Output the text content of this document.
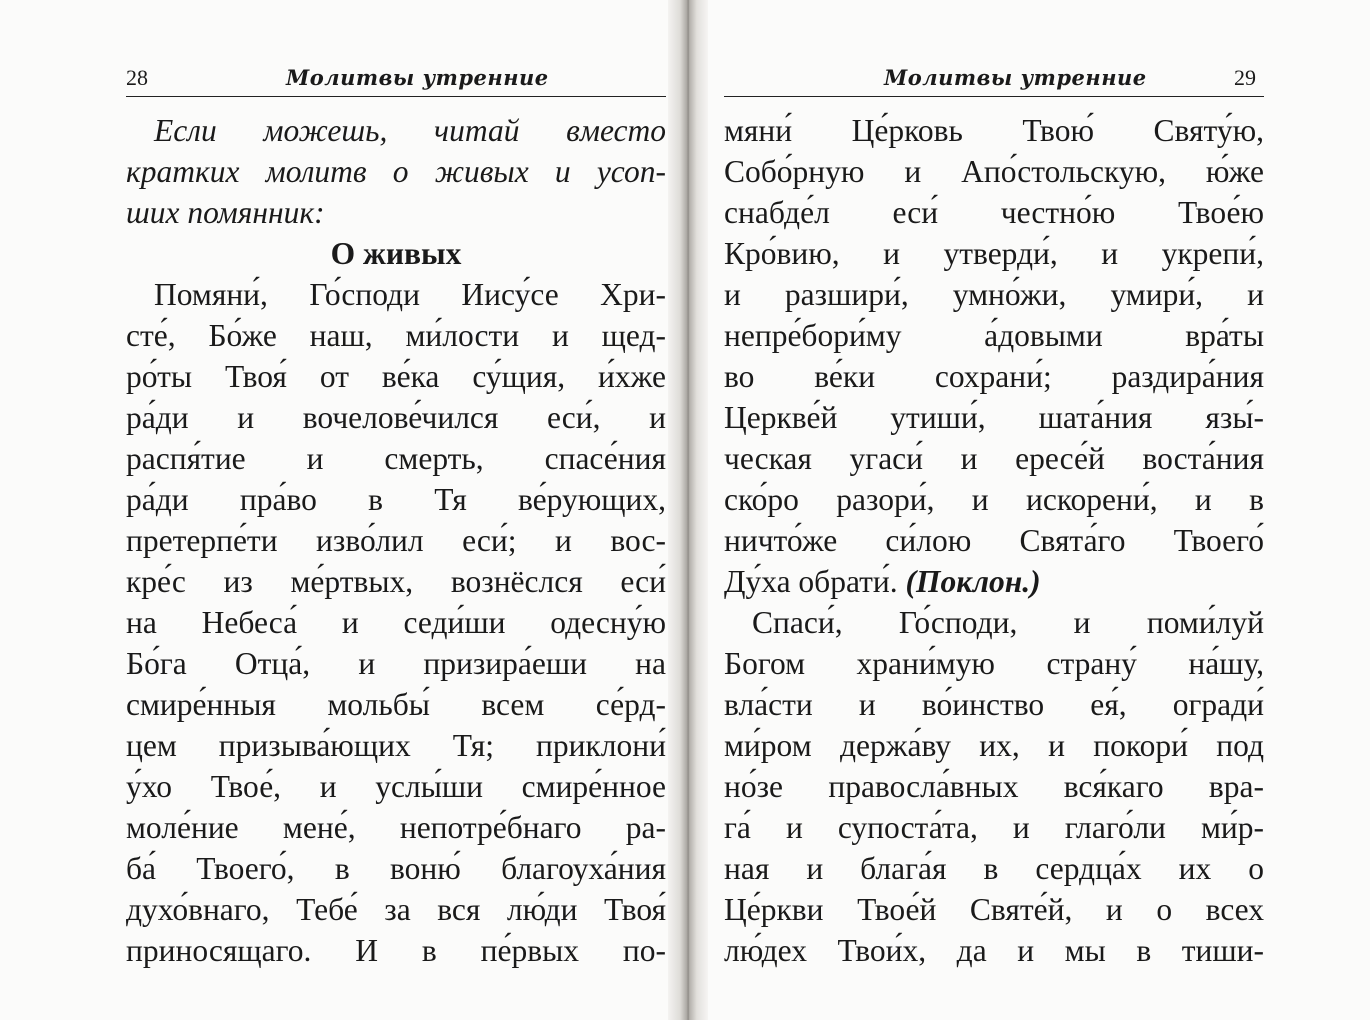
28	Молитвы утренние
Если можешь, читай вместо
кратких молитв о живых и усоп-
ших помянник:
О живых
Помяни́, Го́споди Иису́се Хри-
сте́, Бо́же наш, ми́лости и щед-
ро́ты Твоя́ от ве́ка су́щия, и́хже
ра́ди и вочелове́чился еси́, и
распя́тие и смерть, спасе́ния
ра́ди пра́во в Тя ве́рующих,
претерпе́ти изво́лил еси́; и вос-
кре́с из ме́ртвых, вознёслся еси́
на Небеса́ и седи́ши одесну́ю
Бо́га Отца́, и призира́еши на
смире́нныя мольбы́ всем се́рд-
цем призыва́ющих Тя; приклони́
у́хо Твое́, и услы́ши смире́нное
моле́ние мене́, непотре́бнаго ра-
ба́ Твоего́, в воню́ благоуха́ния
духо́внаго, Тебе́ за вся лю́ди Твоя́
приносящаго. И в пе́рвых по-
Молитвы утренние	29
мяни́ Це́рковь Твою́ Святу́ю,
Собо́рную и Апо́стольскую, ю́же
снабде́л еси́ честно́ю Твое́ю
Кро́вию, и утверди́, и укрепи́,
и разшири́, умно́жи, умири́, и
непре́бори́му а́довыми вра́ты
во ве́ки сохрани́; раздира́ния
Церкве́й утиши́, шата́ния язы́-
ческая угаси́ и ересе́й воста́ния
ско́ро разори́, и искорени́, и в
ничто́же си́лою Свята́го Твоего́
Ду́ха обрати́. (Поклон.)
Спаси́, Го́споди, и поми́луй
Богом храни́мую страну́ на́шу,
вла́сти и во́инство ея́, огради́
ми́ром держа́ву их, и покори́ под
но́зе правосла́вных вся́каго вра-
га́ и супоста́та, и глаго́ли ми́р-
ная и блага́я в сердца́х их о
Це́ркви Твое́й Святе́й, и о всех
лю́дех Твои́х, да и мы в тиши-
